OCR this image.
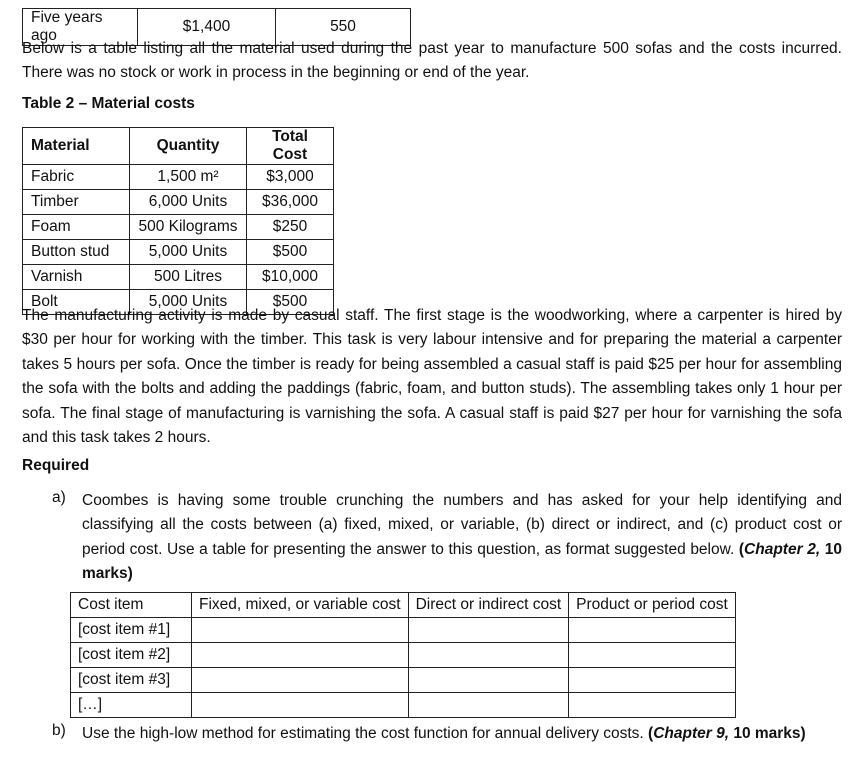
Five years ago	$1,400	550

Below is a table listing all the material used during the past year to manufacture 500 sofas and the costs incurred. There was no stock or work in process in the beginning or end of the year.

Table 2 – Material costs
Material	Quantity	Total Cost
Fabric	1,500 m²	$3,000
Timber	6,000 Units	$36,000
Foam	500 Kilograms	$250
Button stud	5,000 Units	$500
Varnish	500 Litres	$10,000
Bolt	5,000 Units	$500

The manufacturing activity is made by casual staff. The first stage is the woodworking, where a carpenter is hired by $30 per hour for working with the timber. This task is very labour intensive and for preparing the material a carpenter takes 5 hours per sofa. Once the timber is ready for being assembled a casual staff is paid $25 per hour for assembling the sofa with the bolts and adding the paddings (fabric, foam, and button studs). The assembling takes only 1 hour per sofa. The final stage of manufacturing is varnishing the sofa. A casual staff is paid $27 per hour for varnishing the sofa and this task takes 2 hours.

Required
a) Coombes is having some trouble crunching the numbers and has asked for your help identifying and classifying all the costs between (a) fixed, mixed, or variable, (b) direct or indirect, and (c) product cost or period cost. Use a table for presenting the answer to this question, as format suggested below. (Chapter 2, 10 marks)

Cost item	Fixed, mixed, or variable cost	Direct or indirect cost	Product or period cost
[cost item #1]			
[cost item #2]			
[cost item #3]			
[…]			
b) Use the high-low method for estimating the cost function for annual delivery costs. (Chapter 9, 10 marks)
